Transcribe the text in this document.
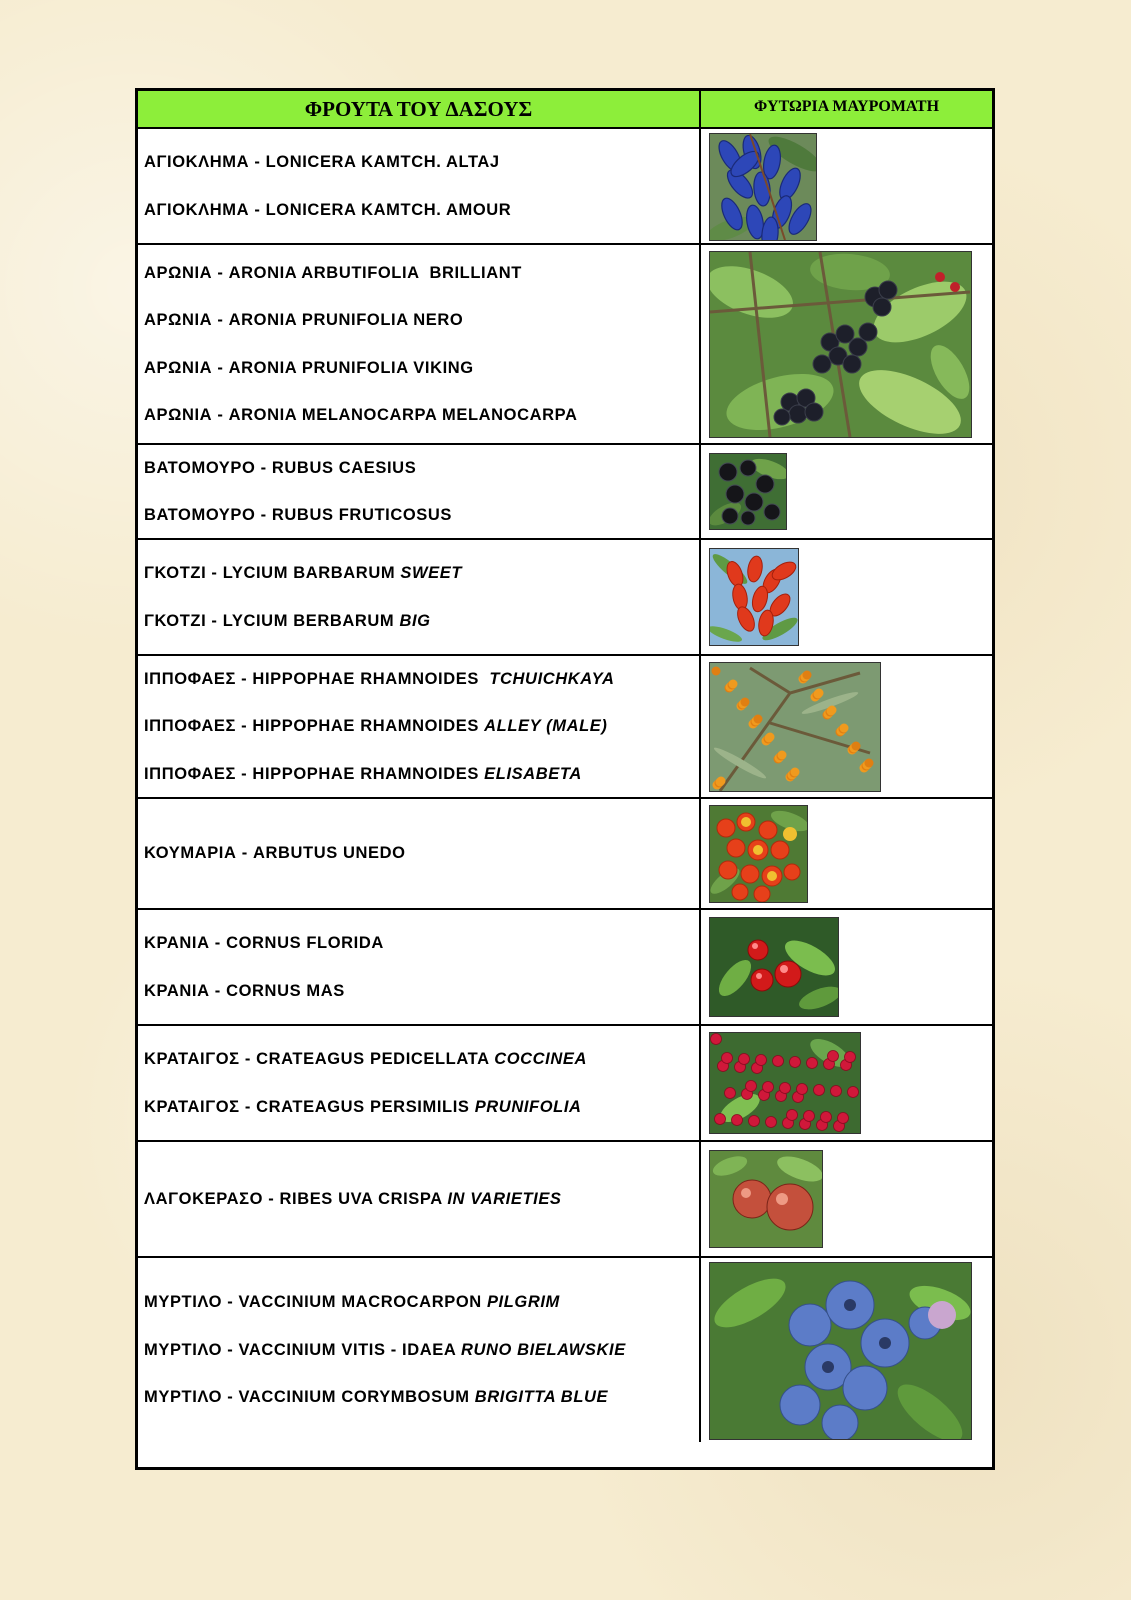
ΦΡΟΥΤΑ ΤΟΥ ΔΑΣΟΥΣ	ΦΥΤΩΡΙΑ ΜΑΥΡΟΜΑΤΗ
ΑΓΙΟΚΛΗΜΑ - LONICERA KAMTCH. ALTAJ
ΑΓΙΟΚΛΗΜΑ - LONICERA KAMTCH. AMOUR
ΑΡΩΝΙΑ - ARONIA ARBUTIFOLIA  BRILLIANT
ΑΡΩΝΙΑ - ARONIA PRUNIFOLIA NERO
ΑΡΩΝΙΑ - ARONIA PRUNIFOLIA VIKING
ΑΡΩΝΙΑ - ARONIA MELANOCARPA MELANOCARPA
ΒΑΤΟΜΟΥΡΟ - RUBUS CAESIUS
ΒΑΤΟΜΟΥΡΟ - RUBUS FRUTICOSUS
ΓΚΟΤΖΙ - LYCIUM BARBARUM SWEET
ΓΚΟΤΖΙ - LYCIUM BERBARUM BIG
ΙΠΠΟΦΑΕΣ - HIPPOPHAE RHAMNOIDES  TCHUICHKAYA
ΙΠΠΟΦΑΕΣ - HIPPOPHAE RHAMNOIDES ALLEY (MALE)
ΙΠΠΟΦΑΕΣ - HIPPOPHAE RHAMNOIDES ELISABETA
ΚΟΥΜΑΡΙΑ - ARBUTUS UNEDO
ΚΡΑΝΙΑ - CORNUS FLORIDA
ΚΡΑΝΙΑ - CORNUS MAS
ΚΡΑΤΑΙΓΟΣ - CRATEAGUS PEDICELLATA COCCINEA
ΚΡΑΤΑΙΓΟΣ - CRATEAGUS PERSIMILIS PRUNIFOLIA
ΛΑΓΟΚΕΡΑΣΟ - RIBES UVA CRISPA IN VARIETIES
ΜΥΡΤΙΛΟ - VACCINIUM MACROCARPON PILGRIM
ΜΥΡΤΙΛΟ - VACCINIUM VITIS - IDAEA RUNO BIELAWSKIE
ΜΥΡΤΙΛΟ - VACCINIUM CORYMBOSUM BRIGITTA BLUE
